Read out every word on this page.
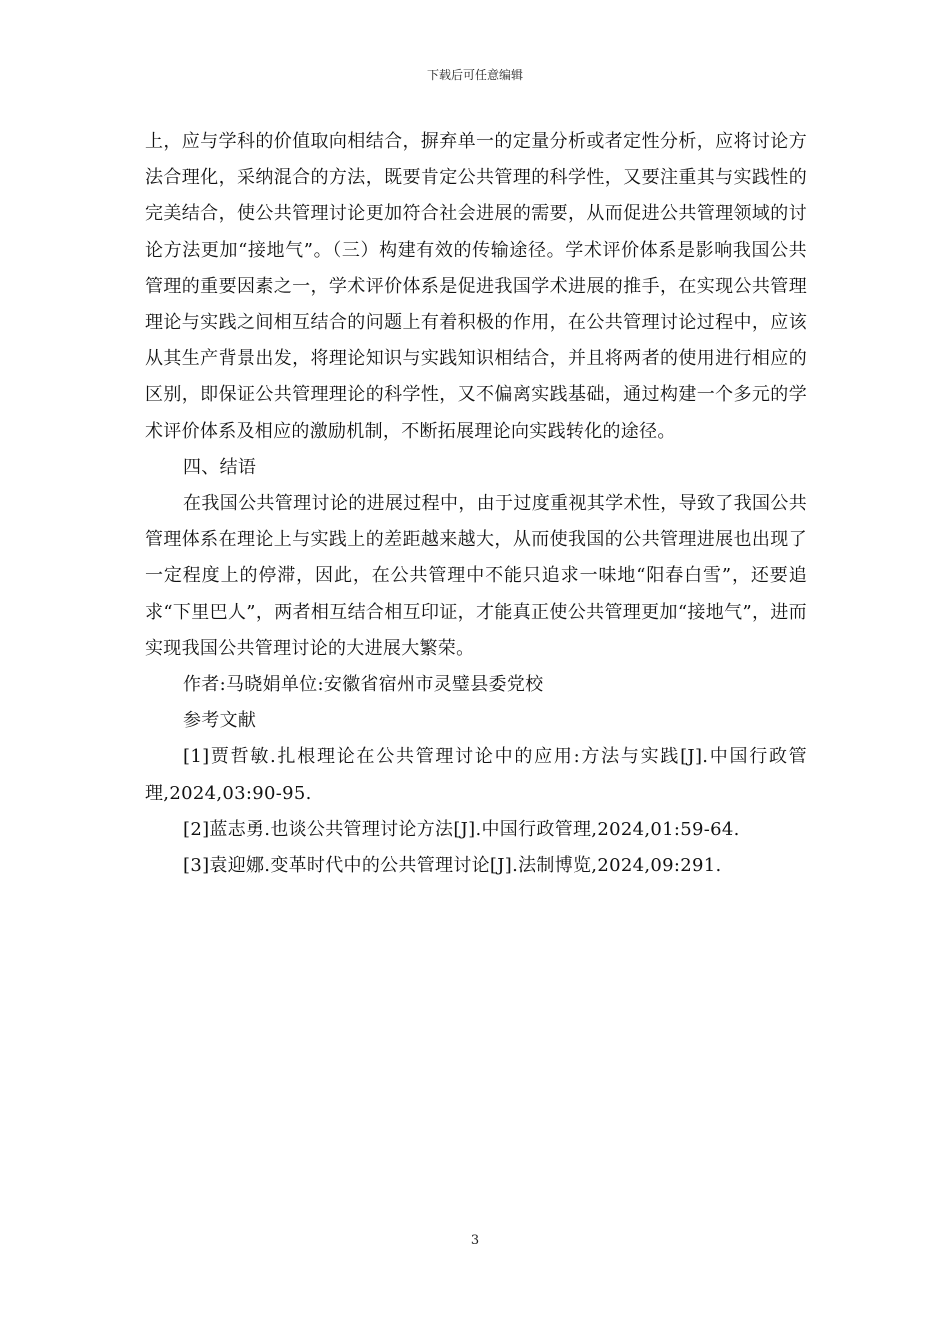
下载后可任意编辑

上，应与学科的价值取向相结合，摒弃单一的定量分析或者定性分析，应将讨论方法合理化，采纳混合的方法，既要肯定公共管理的科学性，又要注重其与实践性的完美结合，使公共管理讨论更加符合社会进展的需要，从而促进公共管理领域的讨论方法更加“接地气”。（三）构建有效的传输途径。学术评价体系是影响我国公共管理的重要因素之一，学术评价体系是促进我国学术进展的推手，在实现公共管理理论与实践之间相互结合的问题上有着积极的作用，在公共管理讨论过程中，应该从其生产背景出发，将理论知识与实践知识相结合，并且将两者的使用进行相应的区别，即保证公共管理理论的科学性，又不偏离实践基础，通过构建一个多元的学术评价体系及相应的激励机制，不断拓展理论向实践转化的途径。

四、结语

在我国公共管理讨论的进展过程中，由于过度重视其学术性，导致了我国公共管理体系在理论上与实践上的差距越来越大，从而使我国的公共管理进展也出现了一定程度上的停滞，因此，在公共管理中不能只追求一味地“阳春白雪”，还要追求“下里巴人”，两者相互结合相互印证，才能真正使公共管理更加“接地气”，进而实现我国公共管理讨论的大进展大繁荣。

作者:马晓娟单位:安徽省宿州市灵璧县委党校

参考文献

[1]贾哲敏.扎根理论在公共管理讨论中的应用:方法与实践[J].中国行政管理,2024,03:90-95.

[2]蓝志勇.也谈公共管理讨论方法[J].中国行政管理,2024,01:59-64.

[3]袁迎娜.变革时代中的公共管理讨论[J].法制博览,2024,09:291.

3
